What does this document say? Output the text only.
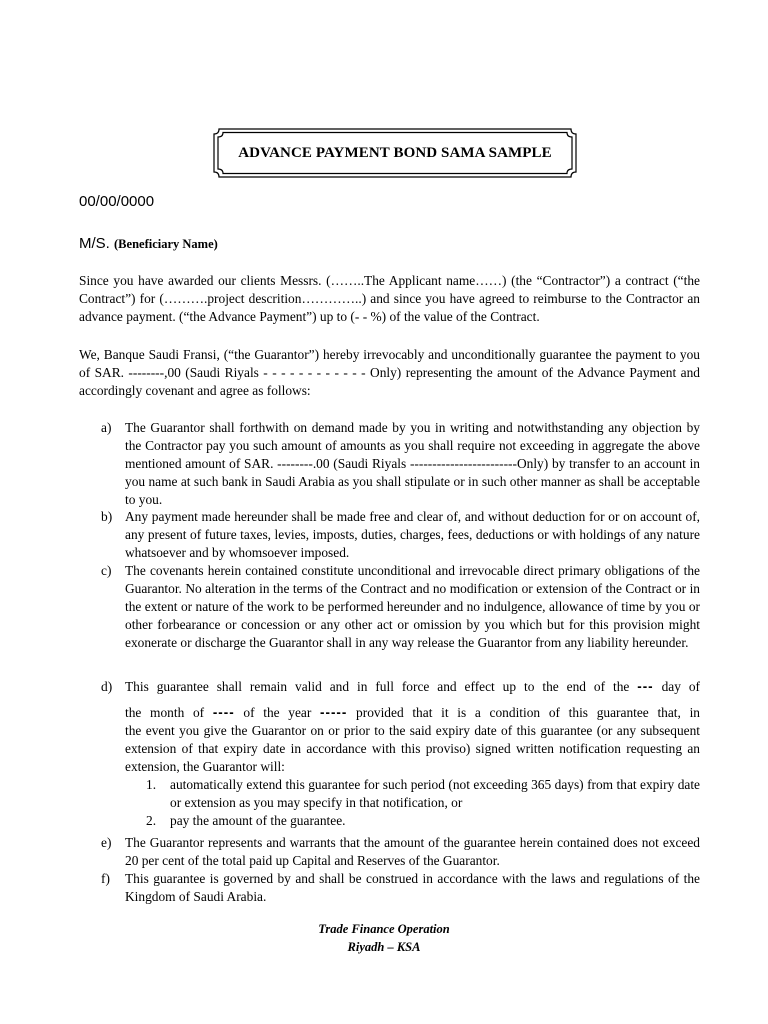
ADVANCE PAYMENT BOND SAMA SAMPLE
00/00/0000
M/S. (Beneficiary Name)
Since you have awarded our clients Messrs. (……..The Applicant name……) (the “Contractor”) a contract (“the Contract”) for (……….project descrition…………..) and since you have agreed to reimburse to the Contractor an advance payment. (“the Advance Payment”) up to (- - %) of the value of the Contract.
We, Banque Saudi Fransi, (“the Guarantor”) hereby irrevocably and unconditionally guarantee the payment to you of SAR. --------,00 (Saudi Riyals - - - - - - - - - - - - Only) representing the amount of the Advance Payment and accordingly covenant and agree as follows:
a) The Guarantor shall forthwith on demand made by you in writing and notwithstanding any objection by the Contractor pay you such amount of amounts as you shall require not exceeding in aggregate the above mentioned amount of SAR. --------.00 (Saudi Riyals ------------------------Only) by transfer to an account in you name at such bank in Saudi Arabia as you shall stipulate or in such other manner as shall be acceptable to you.
b) Any payment made hereunder shall be made free and clear of, and without deduction for or on account of, any present of future taxes, levies, imposts, duties, charges, fees, deductions or with holdings of any nature whatsoever and by whomsoever imposed.
c) The covenants herein contained constitute unconditional and irrevocable direct primary obligations of the Guarantor. No alteration in the terms of the Contract and no modification or extension of the Contract or in the extent or nature of the work to be performed hereunder and no indulgence, allowance of time by you or other forbearance or concession or any other act or omission by you which but for this provision might exonerate or discharge the Guarantor shall in any way release the Guarantor from any liability hereunder.
d) This guarantee shall remain valid and in full force and effect up to the end of the --- day of
the month of ---- of the year ----- provided that it is a condition of this guarantee that, in
the event you give the Guarantor on or prior to the said expiry date of this guarantee (or any subsequent extension of that expiry date in accordance with this proviso) signed written notification requesting an extension, the Guarantor will:
1. automatically extend this guarantee for such period (not exceeding 365 days) from that expiry date or extension as you may specify in that notification, or
2. pay the amount of the guarantee.
e) The Guarantor represents and warrants that the amount of the guarantee herein contained does not exceed 20 per cent of the total paid up Capital and Reserves of the Guarantor.
f) This guarantee is governed by and shall be construed in accordance with the laws and regulations of the Kingdom of Saudi Arabia.
Trade Finance Operation
Riyadh – KSA
